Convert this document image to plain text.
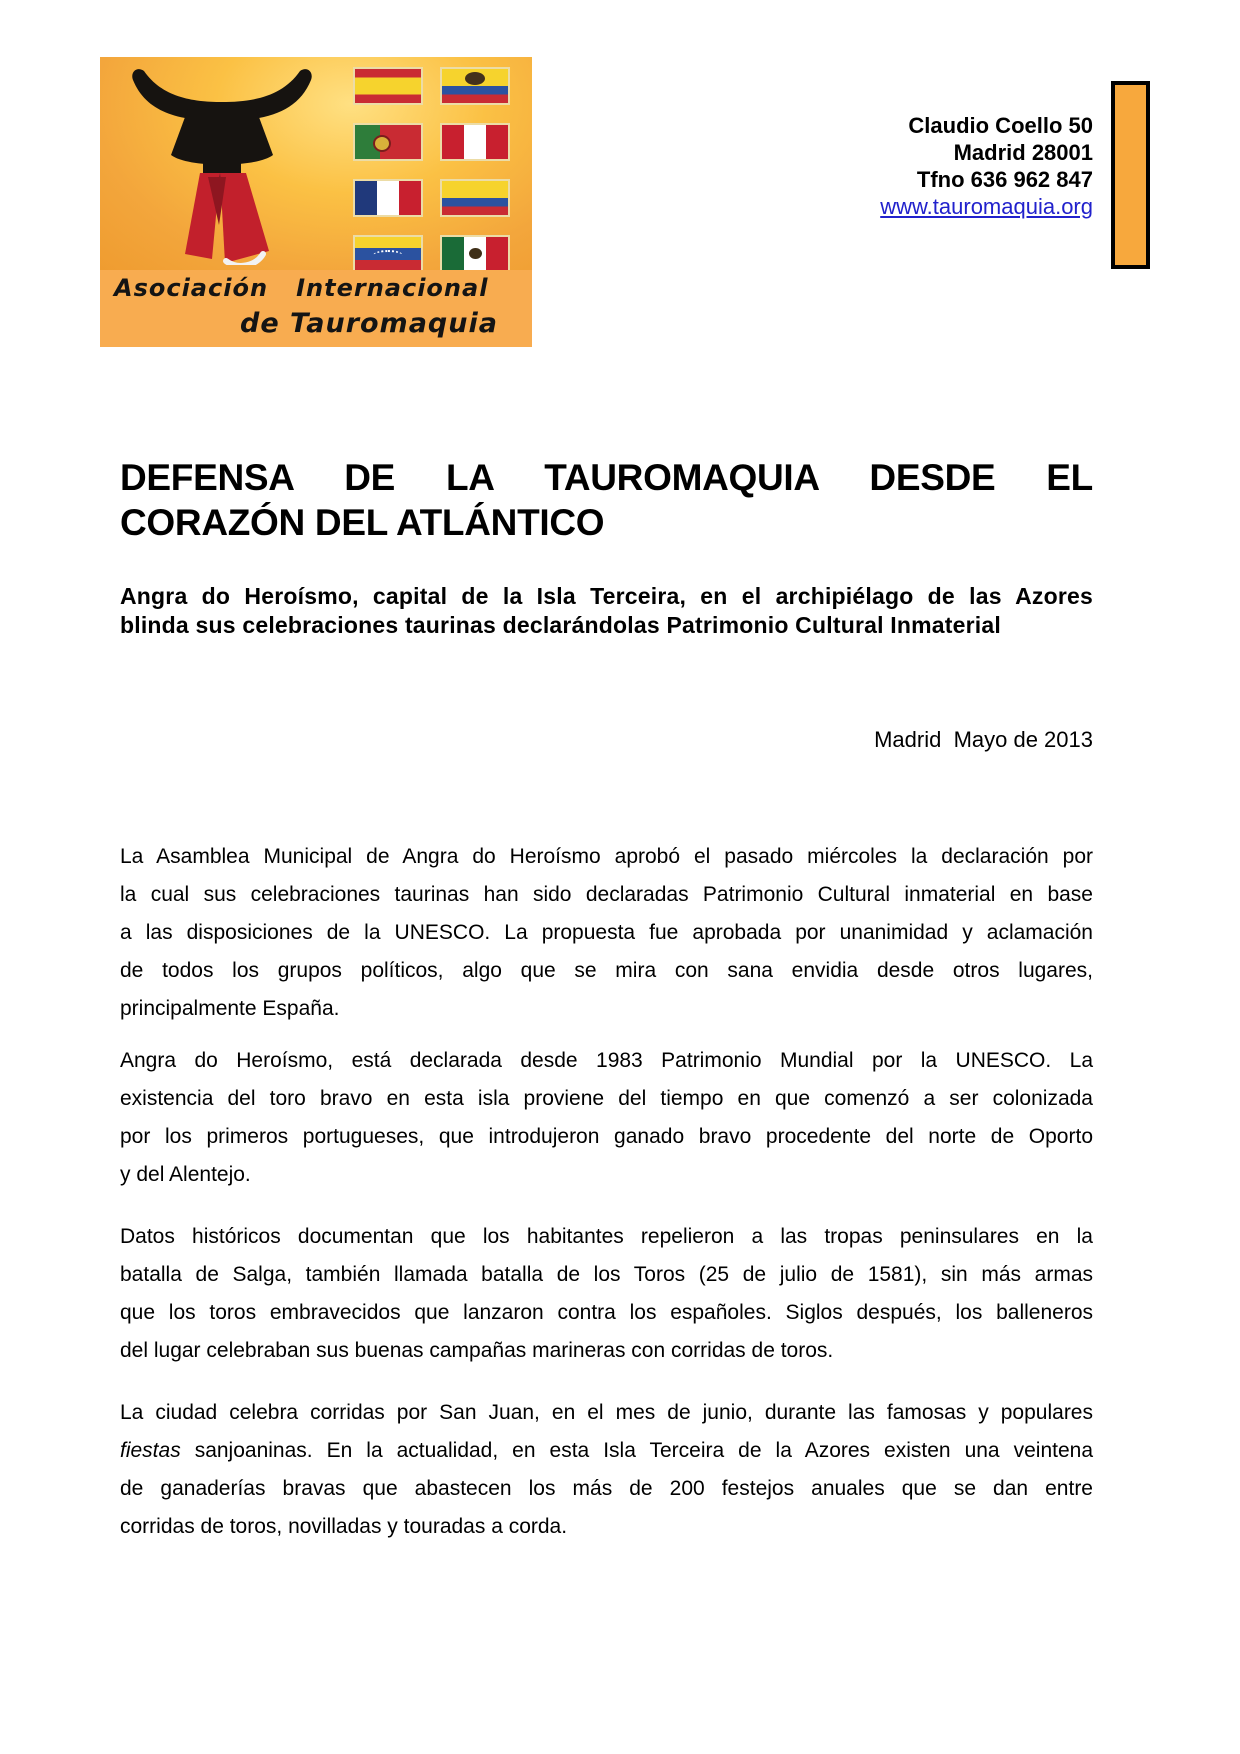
Asociación   Internacional
de Tauromaquia
Claudio Coello 50
Madrid 28001
Tfno 636 962 847
www.tauromaquia.org
DEFENSA DE LA TAUROMAQUIA DESDE EL
CORAZÓN DEL ATLÁNTICO
Angra do Heroísmo, capital de la Isla Terceira, en el archipiélago de las Azores
blinda sus celebraciones taurinas declarándolas Patrimonio Cultural Inmaterial
Madrid  Mayo de 2013
La Asamblea Municipal de Angra do Heroísmo aprobó el pasado miércoles la declaración por
la cual sus celebraciones taurinas han sido declaradas Patrimonio Cultural inmaterial en base
a las disposiciones de la UNESCO. La propuesta fue aprobada por unanimidad y aclamación
de todos los grupos políticos, algo que se mira con sana envidia desde otros lugares,
principalmente España.
Angra do Heroísmo, está declarada desde 1983 Patrimonio Mundial por la UNESCO. La
existencia del toro bravo en esta isla proviene del tiempo en que comenzó a ser colonizada
por los primeros portugueses, que introdujeron ganado bravo procedente del norte de Oporto
y del Alentejo.
Datos históricos documentan que los habitantes repelieron a las tropas peninsulares en la
batalla de Salga, también llamada batalla de los Toros (25 de julio de 1581), sin más armas
que los toros embravecidos que lanzaron contra los españoles. Siglos después, los balleneros
del lugar celebraban sus buenas campañas marineras con corridas de toros.
La ciudad celebra corridas por San Juan, en el mes de junio, durante las famosas y populares
fiestas sanjoaninas. En la actualidad, en esta Isla Terceira de la Azores existen una veintena
de ganaderías bravas que abastecen los más de 200 festejos anuales que se dan entre
corridas de toros, novilladas y touradas a corda.
